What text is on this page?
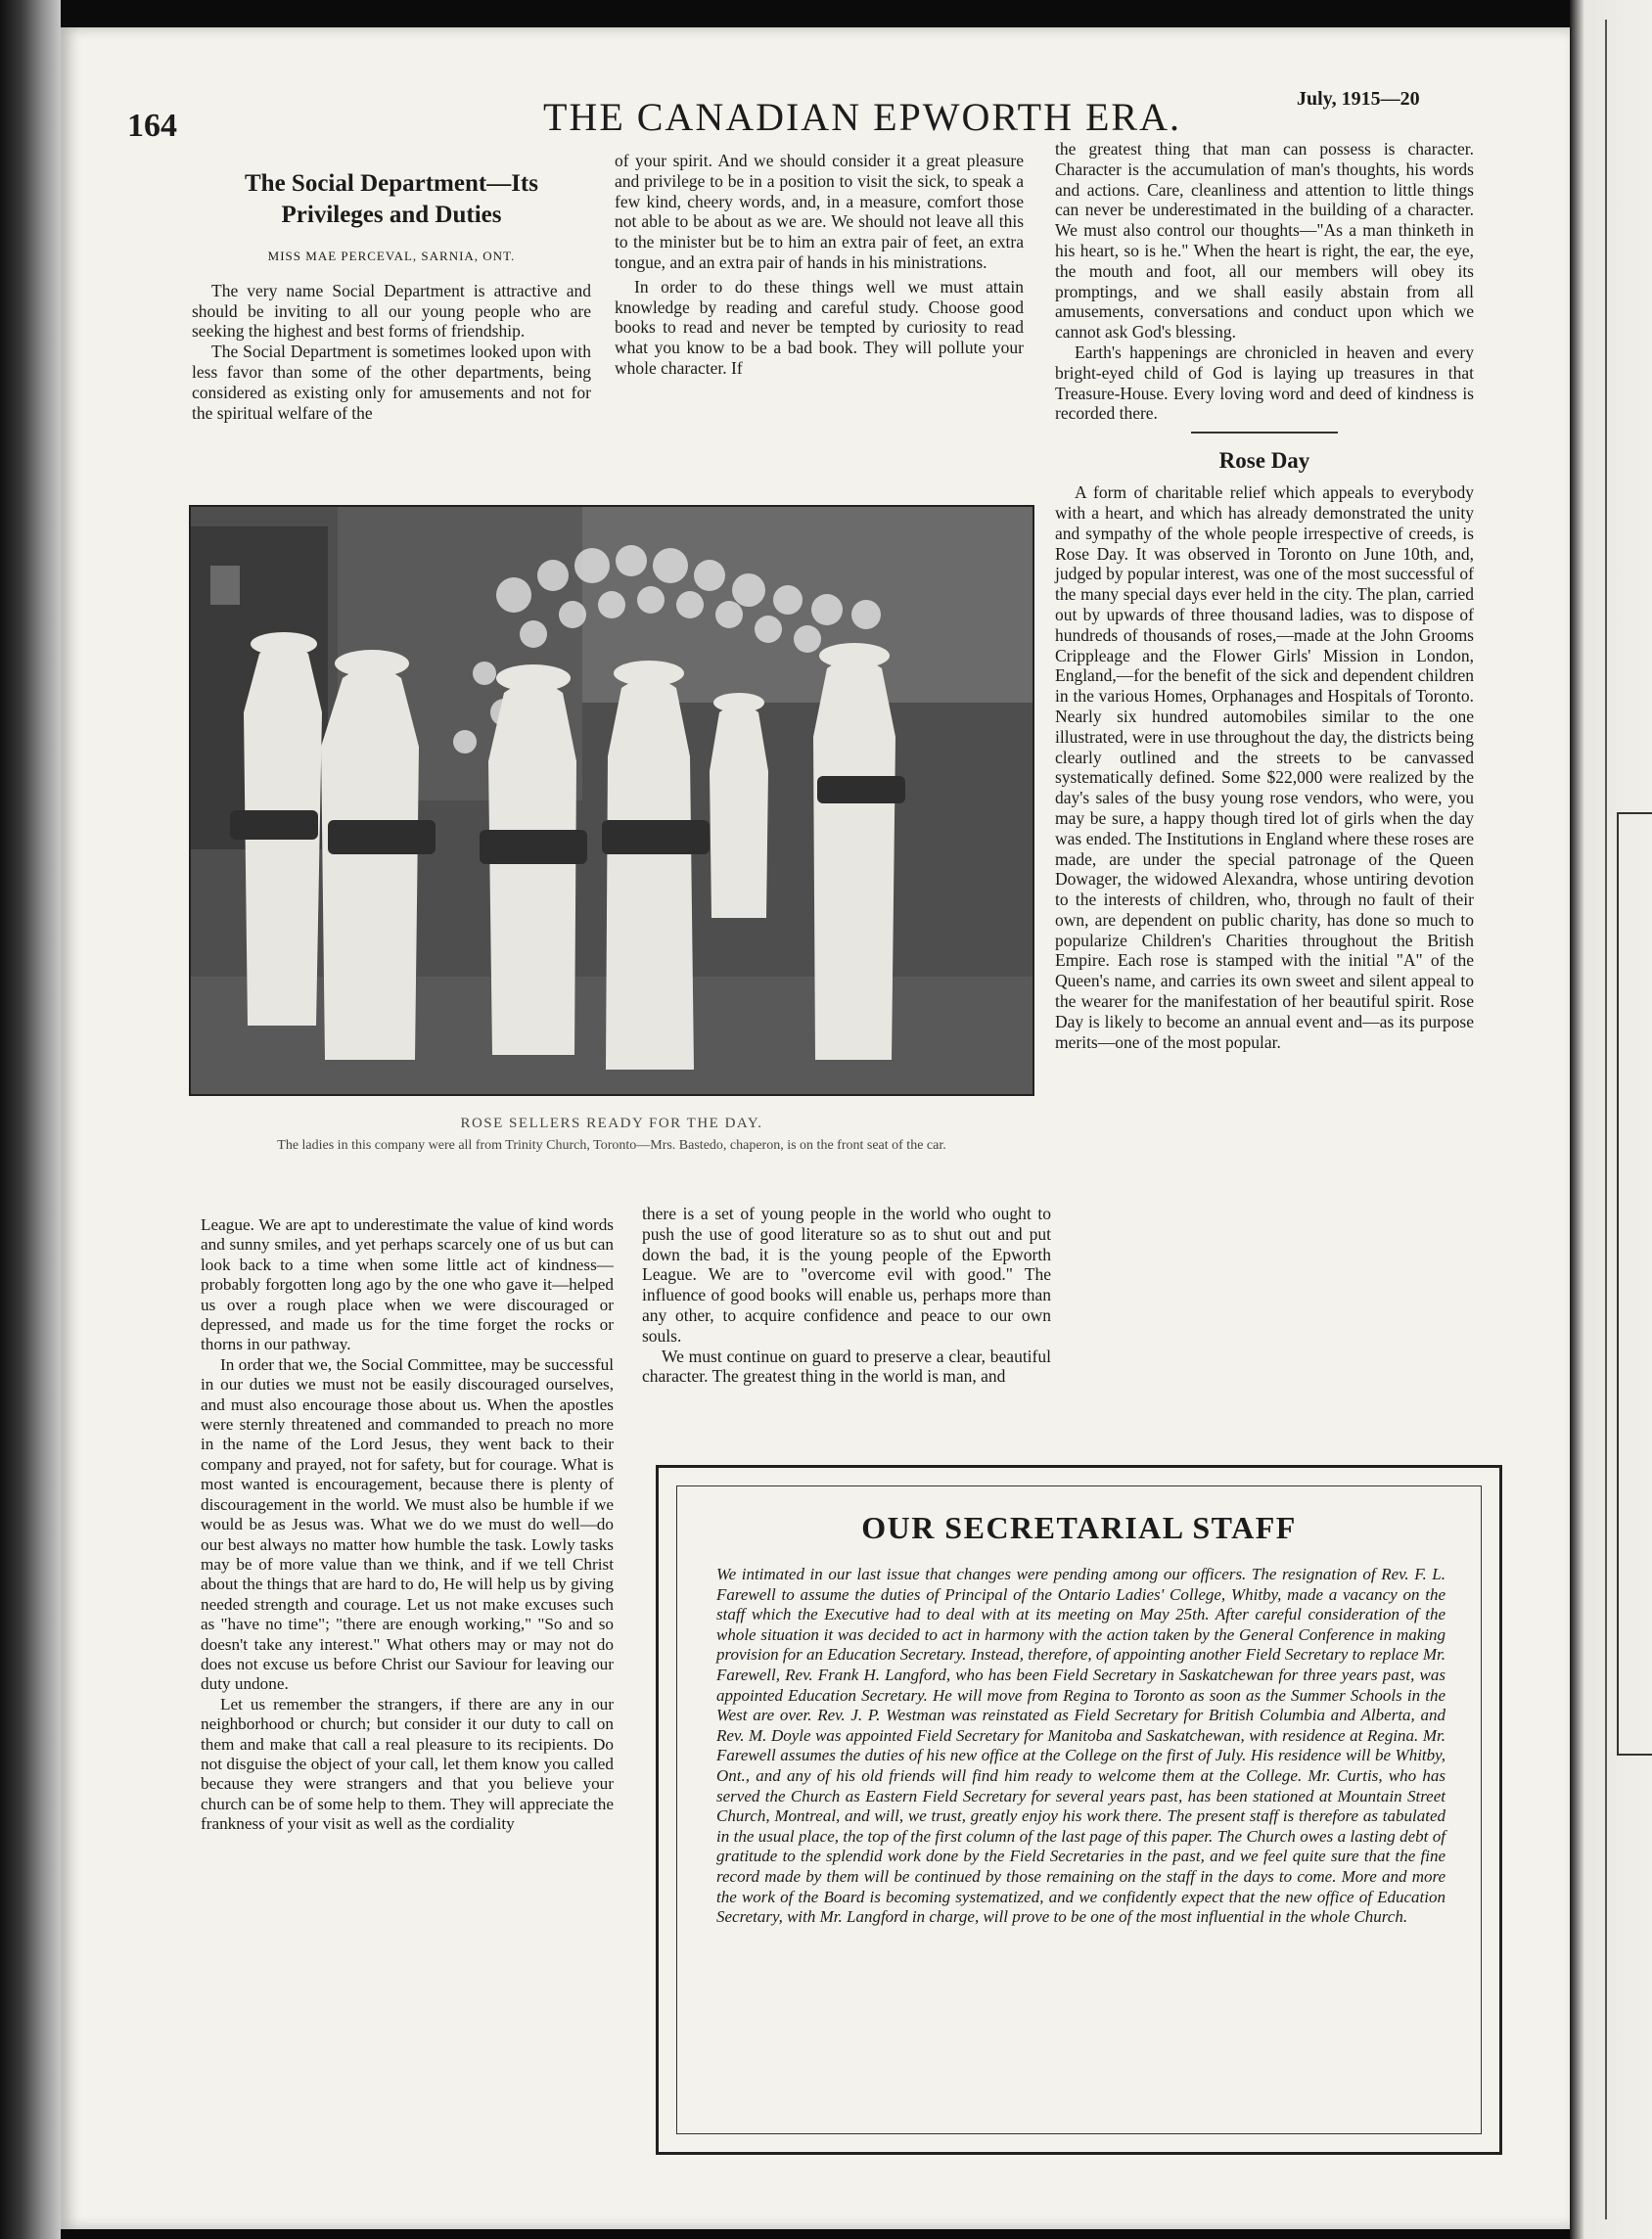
164	THE CANADIAN EPWORTH ERA.	July, 1915—20
The Social Department—Its
Privileges and Duties
MISS MAE PERCEVAL, SARNIA, ONT.

The very name Social Department is attractive and should be inviting to all our young people who are seeking the highest and best forms of friendship.

The Social Department is sometimes looked upon with less favor than some of the other departments, being considered as existing only for amusements and not for the spiritual welfare of the

of your spirit. And we should consider it a great pleasure and privilege to be in a position to visit the sick, to speak a few kind, cheery words, and, in a measure, comfort those not able to be about as we are. We should not leave all this to the minister but be to him an extra pair of feet, an extra tongue, and an extra pair of hands in his ministrations.

In order to do these things well we must attain knowledge by reading and careful study. Choose good books to read and never be tempted by curiosity to read what you know to be a bad book. They will pollute your whole character. If

the greatest thing that man can possess is character. Character is the accumulation of man's thoughts, his words and actions. Care, cleanliness and attention to little things can never be underestimated in the building of a character. We must also control our thoughts—"As a man thinketh in his heart, so is he." When the heart is right, the ear, the eye, the mouth and foot, all our members will obey its promptings, and we shall easily abstain from all amusements, conversations and conduct upon which we cannot ask God's blessing.

Earth's happenings are chronicled in heaven and every bright-eyed child of God is laying up treasures in that Treasure-House. Every loving word and deed of kindness is recorded there.

Rose Day

A form of charitable relief which appeals to everybody with a heart, and which has already demonstrated the unity and sympathy of the whole people irrespective of creeds, is Rose Day. It was observed in Toronto on June 10th, and, judged by popular interest, was one of the most successful of the many special days ever held in the city. The plan, carried out by upwards of three thousand ladies, was to dispose of hundreds of thousands of roses,—made at the John Grooms Crippleage and the Flower Girls' Mission in London, England,—for the benefit of the sick and dependent children in the various Homes, Orphanages and Hospitals of Toronto. Nearly six hundred automobiles similar to the one illustrated, were in use throughout the day, the districts being clearly outlined and the streets to be canvassed systematically defined. Some $22,000 were realized by the day's sales of the busy young rose vendors, who were, you may be sure, a happy though tired lot of girls when the day was ended. The Institutions in England where these roses are made, are under the special patronage of the Queen Dowager, the widowed Alexandra, whose untiring devotion to the interests of children, who, through no fault of their own, are dependent on public charity, has done so much to popularize Children's Charities throughout the British Empire. Each rose is stamped with the initial "A" of the Queen's name, and carries its own sweet and silent appeal to the wearer for the manifestation of her beautiful spirit. Rose Day is likely to become an annual event and—as its purpose merits—one of the most popular.

ROSE SELLERS READY FOR THE DAY.
The ladies in this company were all from Trinity Church, Toronto—Mrs. Bastedo, chaperon, is on the front seat of the car.

League. We are apt to underestimate the value of kind words and sunny smiles, and yet perhaps scarcely one of us but can look back to a time when some little act of kindness—probably forgotten long ago by the one who gave it—helped us over a rough place when we were discouraged or depressed, and made us for the time forget the rocks or thorns in our pathway.

In order that we, the Social Committee, may be successful in our duties we must not be easily discouraged ourselves, and must also encourage those about us. When the apostles were sternly threatened and commanded to preach no more in the name of the Lord Jesus, they went back to their company and prayed, not for safety, but for courage. What is most wanted is encouragement, because there is plenty of discouragement in the world. We must also be humble if we would be as Jesus was. What we do we must do well—do our best always no matter how humble the task. Lowly tasks may be of more value than we think, and if we tell Christ about the things that are hard to do, He will help us by giving needed strength and courage. Let us not make excuses such as "have no time"; "there are enough working," "So and so doesn't take any interest." What others may or may not do does not excuse us before Christ our Saviour for leaving our duty undone.

Let us remember the strangers, if there are any in our neighborhood or church; but consider it our duty to call on them and make that call a real pleasure to its recipients. Do not disguise the object of your call, let them know you called because they were strangers and that you believe your church can be of some help to them. They will appreciate the frankness of your visit as well as the cordiality

there is a set of young people in the world who ought to push the use of good literature so as to shut out and put down the bad, it is the young people of the Epworth League. We are to "overcome evil with good." The influence of good books will enable us, perhaps more than any other, to acquire confidence and peace to our own souls.

We must continue on guard to preserve a clear, beautiful character. The greatest thing in the world is man, and

OUR SECRETARIAL STAFF
We intimated in our last issue that changes were pending among our officers. The resignation of Rev. F. L. Farewell to assume the duties of Principal of the Ontario Ladies' College, Whitby, made a vacancy on the staff which the Executive had to deal with at its meeting on May 25th. After careful consideration of the whole situation it was decided to act in harmony with the action taken by the General Conference in making provision for an Education Secretary. Instead, therefore, of appointing another Field Secretary to replace Mr. Farewell, Rev. Frank H. Langford, who has been Field Secretary in Saskatchewan for three years past, was appointed Education Secretary. He will move from Regina to Toronto as soon as the Summer Schools in the West are over. Rev. J. P. Westman was reinstated as Field Secretary for British Columbia and Alberta, and Rev. M. Doyle was appointed Field Secretary for Manitoba and Saskatchewan, with residence at Regina. Mr. Farewell assumes the duties of his new office at the College on the first of July. His residence will be Whitby, Ont., and any of his old friends will find him ready to welcome them at the College. Mr. Curtis, who has served the Church as Eastern Field Secretary for several years past, has been stationed at Mountain Street Church, Montreal, and will, we trust, greatly enjoy his work there. The present staff is therefore as tabulated in the usual place, the top of the first column of the last page of this paper. The Church owes a lasting debt of gratitude to the splendid work done by the Field Secretaries in the past, and we feel quite sure that the fine record made by them will be continued by those remaining on the staff in the days to come. More and more the work of the Board is becoming systematized, and we confidently expect that the new office of Education Secretary, with Mr. Langford in charge, will prove to be one of the most influential in the whole Church.
